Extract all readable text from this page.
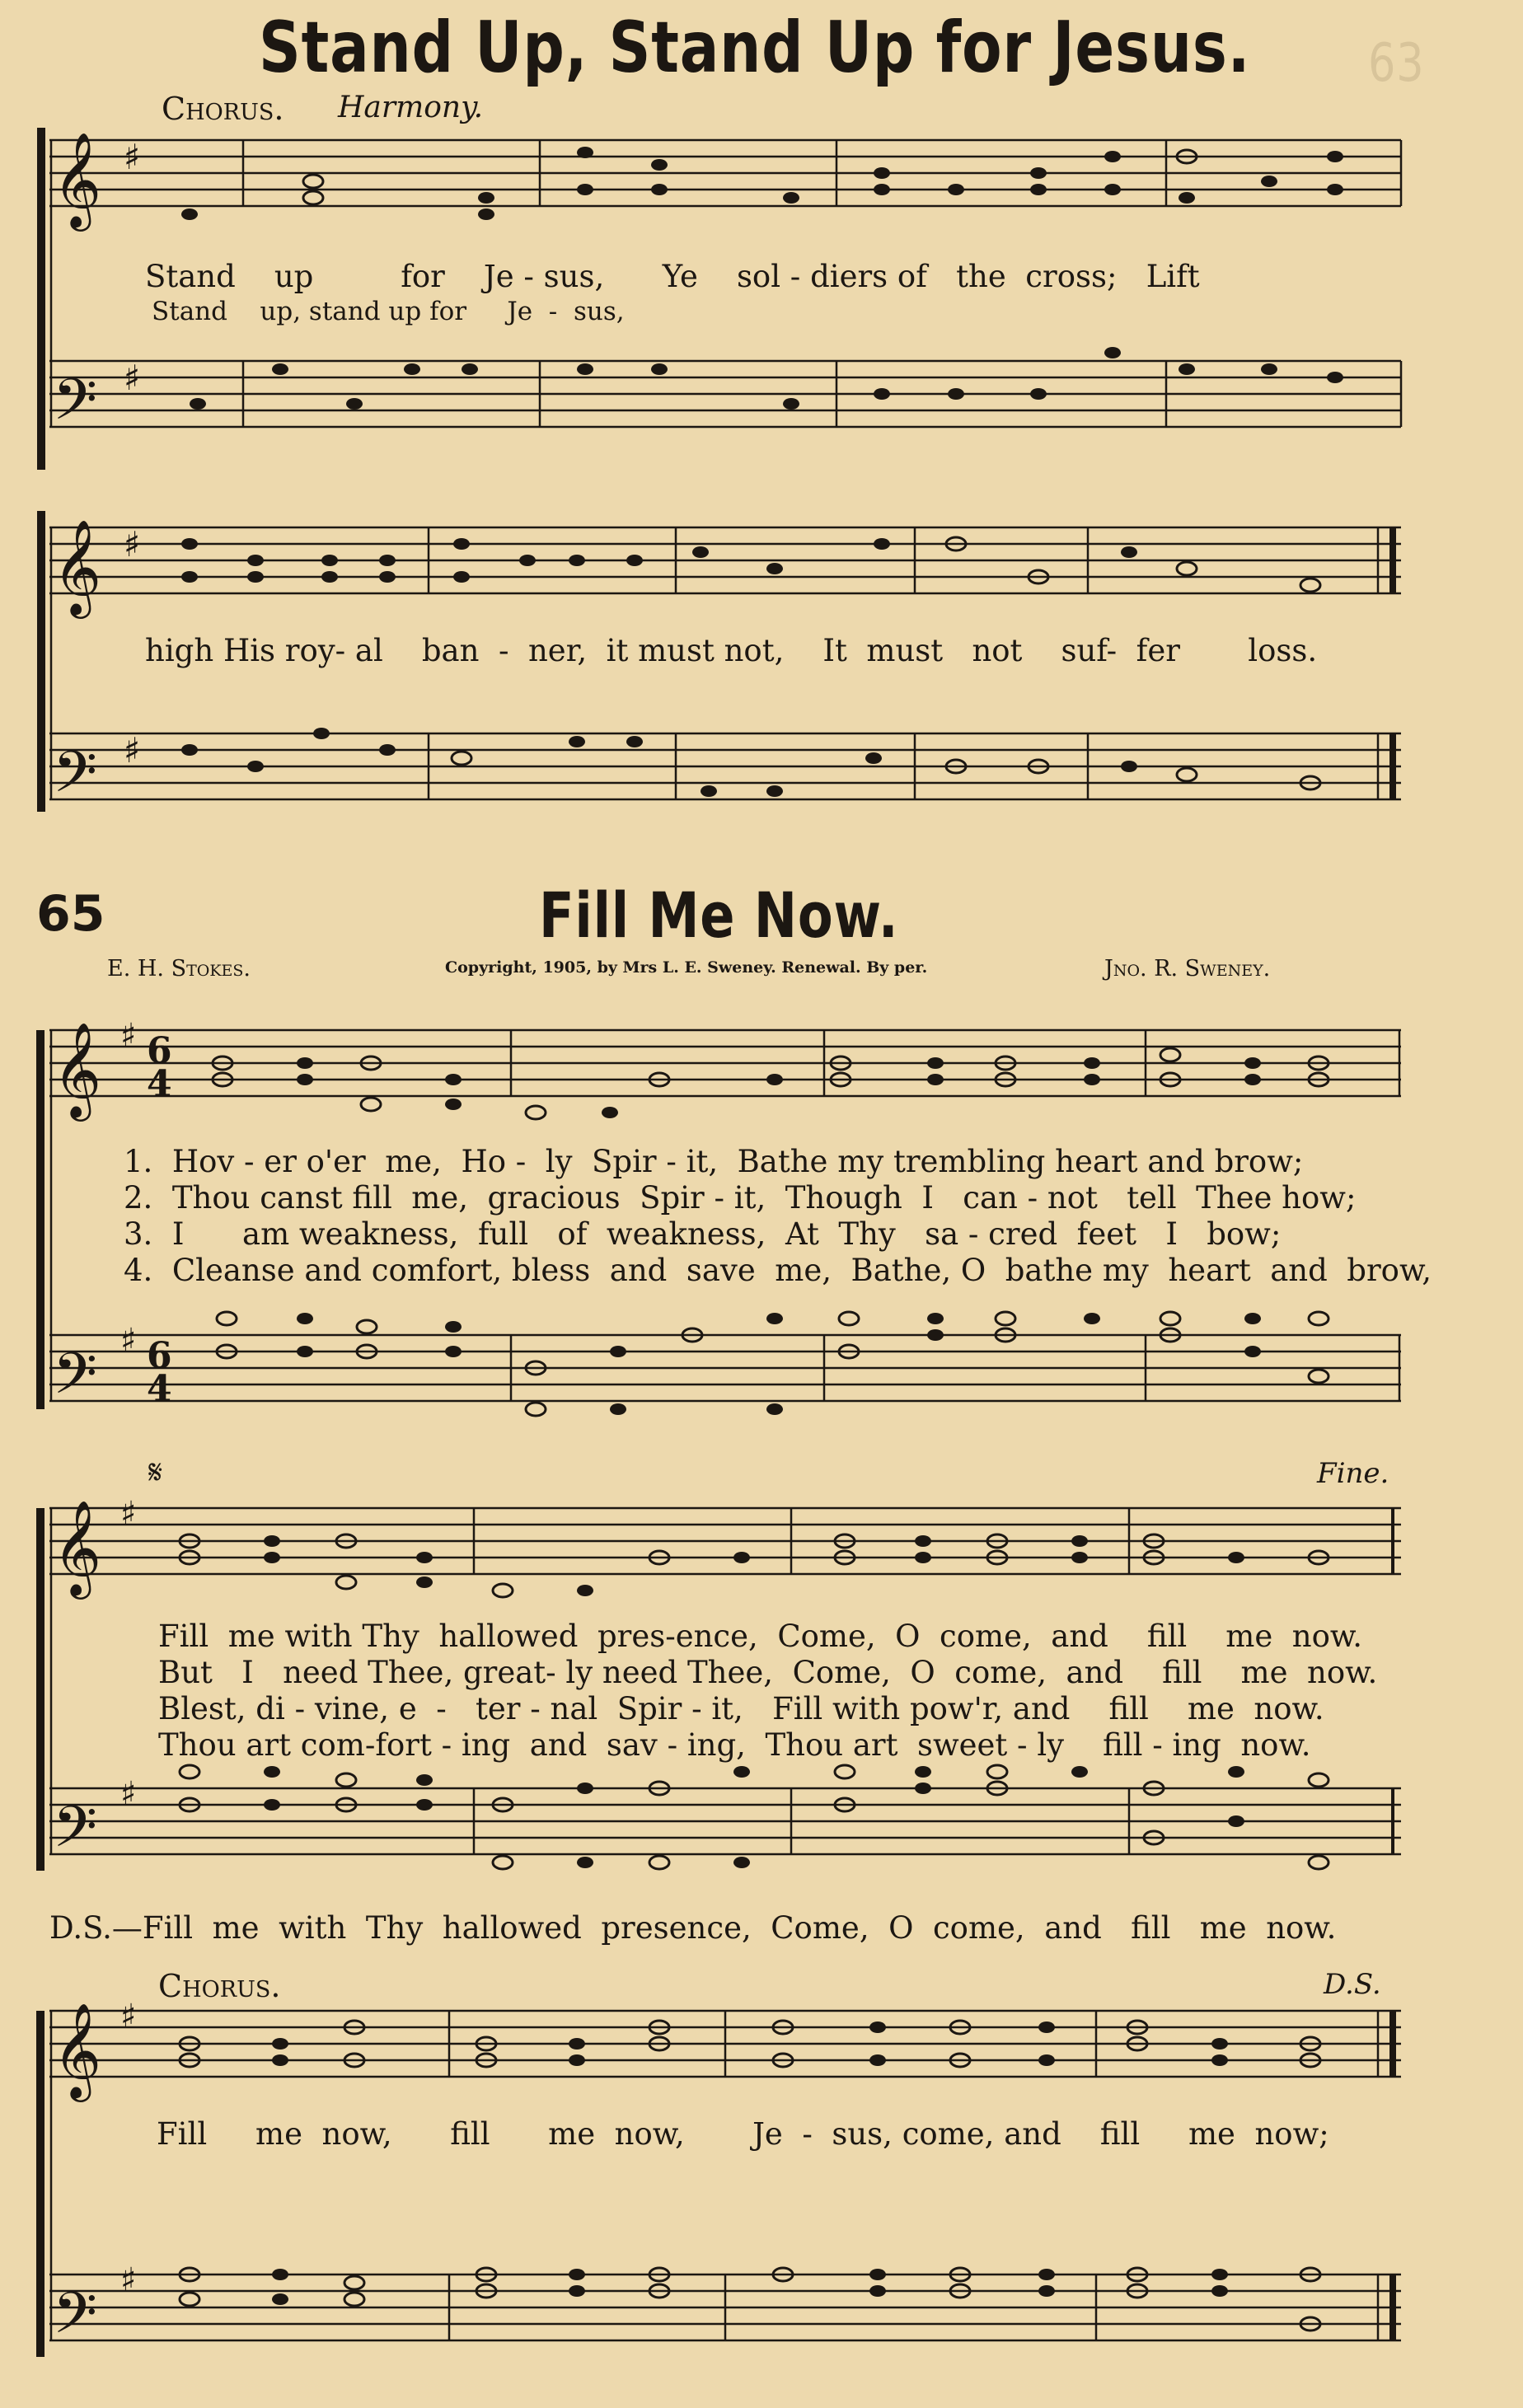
Stand Up, Stand Up for Jesus. 63
Chorus. Harmony.
𝄞
𝄢
♯
♯
Stand    up         for    Je - sus,      Ye    sol - diers of   the  cross;   Lift
Stand    up, stand up for     Je  -  sus,
𝄞
𝄢
♯
♯
high His roy- al    ban  -  ner,  it must not,    It  must   not    suf-  fer       loss.
65	Fill Me Now.
E. H. Stokes.	Copyright, 1905, by Mrs L. E. Sweney. Renewal. By per.	Jno. R. Sweney.
𝄞
𝄢
♯
♯
6
4
6
4
1.  Hov - er o'er  me,  Ho -  ly  Spir - it,  Bathe my trembling heart and brow;
2.  Thou canst fill  me,  gracious  Spir - it,  Though  I   can - not   tell  Thee how;
3.  I      am weakness,  full   of  weakness,  At  Thy   sa - cred  feet   I   bow;
4.  Cleanse and comfort, bless  and  save  me,  Bathe, O  bathe my  heart  and  brow,
𝄋	Fine.
𝄞
𝄢
♯
♯
Fill  me with Thy  hallowed  pres-ence,  Come,  O  come,  and    fill    me  now.
But   I   need Thee, great- ly need Thee,  Come,  O  come,  and    fill    me  now.
Blest, di - vine, e  -   ter - nal  Spir - it,   Fill with pow'r, and    fill    me  now.
Thou art com-fort - ing  and  sav - ing,  Thou art  sweet - ly    fill - ing  now.
D.S.—Fill  me  with  Thy  hallowed  presence,  Come,  O  come,  and   fill   me  now.
Chorus.	D.S.
𝄞
𝄢
♯
♯
Fill     me  now,      fill      me  now,       Je  -  sus, come, and    fill     me  now;
